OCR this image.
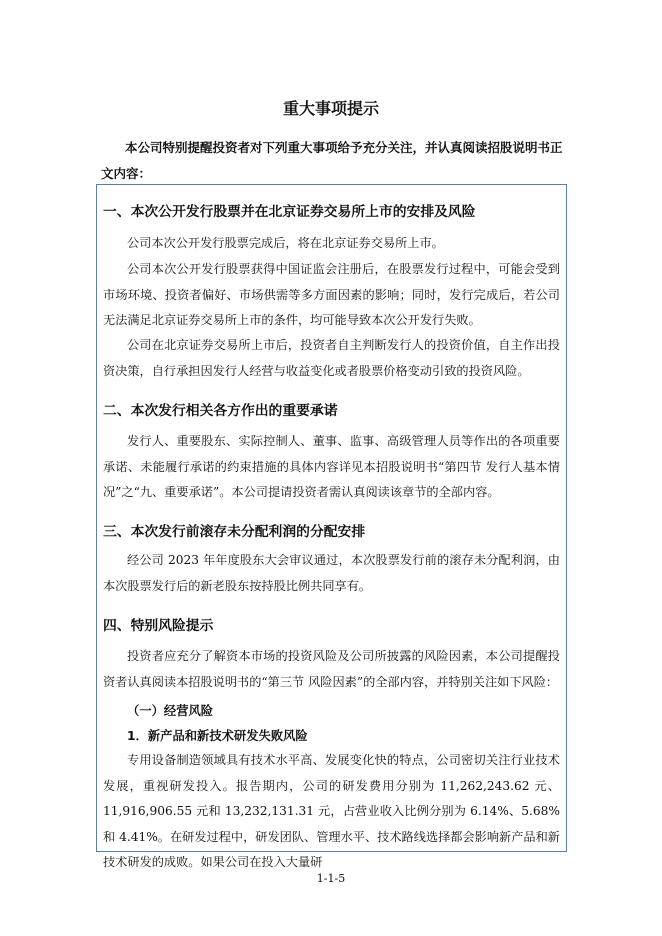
重大事项提示
本公司特别提醒投资者对下列重大事项给予充分关注，并认真阅读招股说明书正文内容：
一、本次公开发行股票并在北京证券交易所上市的安排及风险

公司本次公开发行股票完成后，将在北京证券交易所上市。

公司本次公开发行股票获得中国证监会注册后，在股票发行过程中，可能会受到市场环境、投资者偏好、市场供需等多方面因素的影响；同时，发行完成后，若公司无法满足北京证券交易所上市的条件，均可能导致本次公开发行失败。

公司在北京证券交易所上市后，投资者自主判断发行人的投资价值，自主作出投资决策，自行承担因发行人经营与收益变化或者股票价格变动引致的投资风险。

二、本次发行相关各方作出的重要承诺

发行人、重要股东、实际控制人、董事、监事、高级管理人员等作出的各项重要承诺、未能履行承诺的约束措施的具体内容详见本招股说明书“第四节 发行人基本情况”之“九、重要承诺”。本公司提请投资者需认真阅读该章节的全部内容。

三、本次发行前滚存未分配利润的分配安排

经公司 2023 年年度股东大会审议通过，本次股票发行前的滚存未分配利润，由本次股票发行后的新老股东按持股比例共同享有。

四、特别风险提示

投资者应充分了解资本市场的投资风险及公司所披露的风险因素，本公司提醒投资者认真阅读本招股说明书的“第三节 风险因素”的全部内容，并特别关注如下风险：

（一）经营风险
1．新产品和新技术研发失败风险

专用设备制造领域具有技术水平高、发展变化快的特点，公司密切关注行业技术发展，重视研发投入。报告期内，公司的研发费用分别为 11,262,243.62 元、11,916,906.55 元和 13,232,131.31 元，占营业收入比例分别为 6.14%、5.68%和 4.41%。在研发过程中，研发团队、管理水平、技术路线选择都会影响新产品和新技术研发的成败。如果公司在投入大量研

1-1-5
